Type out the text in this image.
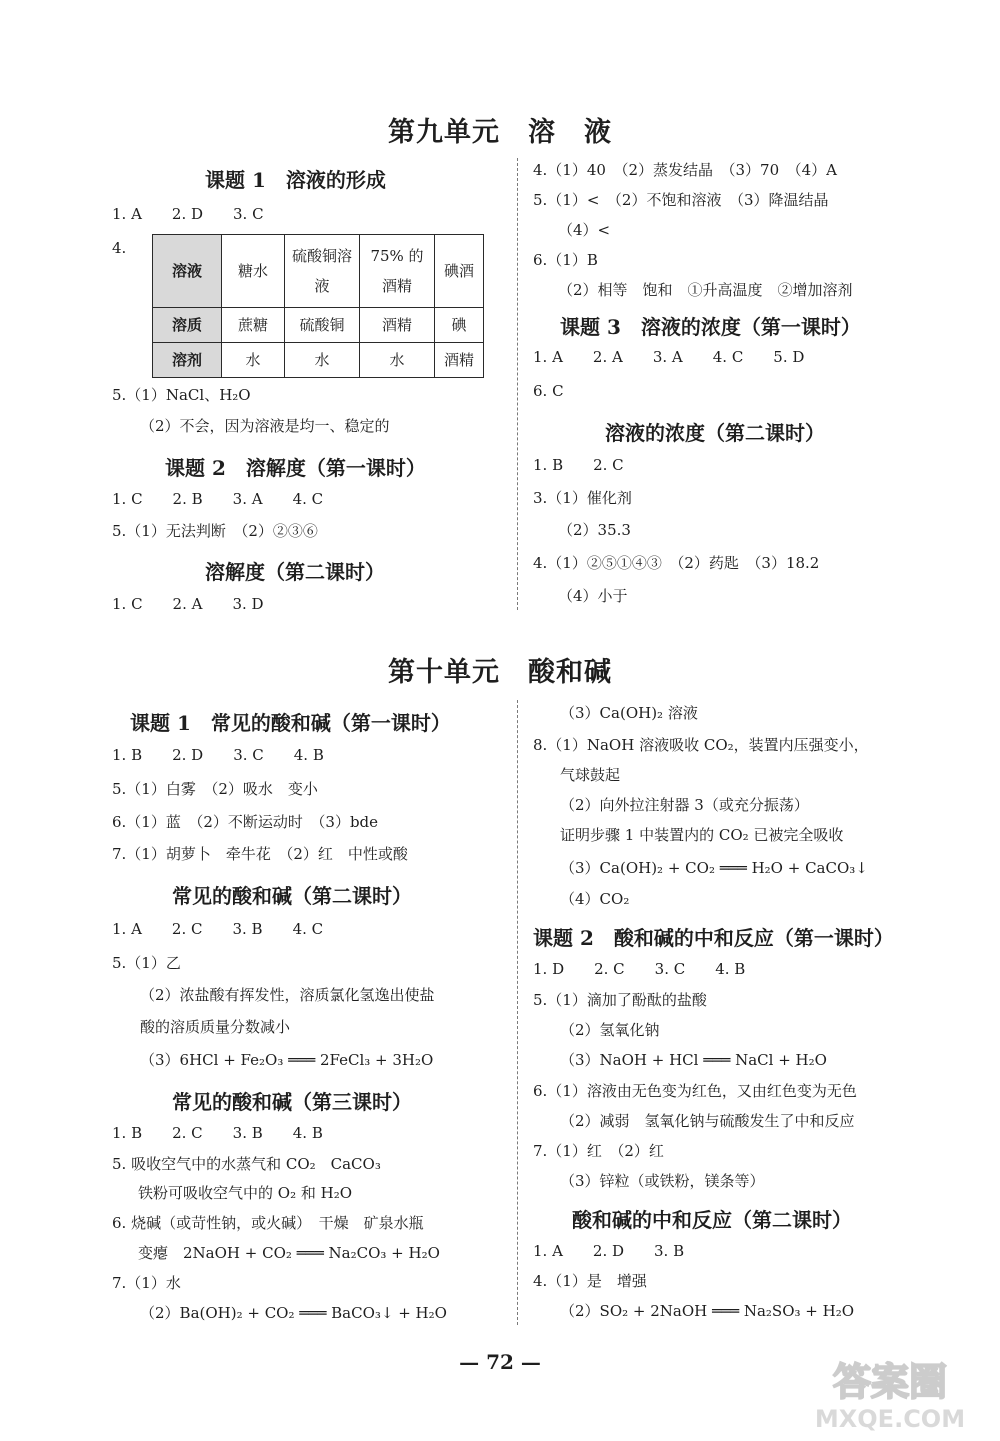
第九单元　溶　液
课题 1　溶液的形成
1. A　　2. D　　3. C
4.
溶液	糖水	硫酸铜溶液	75% 的酒精	碘酒
溶质	蔗糖	硫酸铜	酒精	碘
溶剂	水	水	水	酒精
5.（1）NaCl、H₂O
（2）不会，因为溶液是均一、稳定的
课题 2　溶解度（第一课时）
1. C　　2. B　　3. A　　4. C
5.（1）无法判断　（2）②③⑥
溶解度（第二课时）
1. C　　2. A　　3. D
4.（1）40　（2）蒸发结晶　（3）70　（4）A
5.（1）<　（2）不饱和溶液　（3）降温结晶
（4）<
6.（1）B
（2）相等　饱和　①升高温度　②增加溶剂
课题 3　溶液的浓度（第一课时）
1. A　　2. A　　3. A　　4. C　　5. D
6. C
溶液的浓度（第二课时）
1. B　　2. C
3.（1）催化剂
（2）35.3
4.（1）②⑤①④③　（2）药匙　（3）18.2
（4）小于
第十单元　酸和碱
课题 1　常见的酸和碱（第一课时）
1. B　　2. D　　3. C　　4. B
5.（1）白雾　（2）吸水　变小
6.（1）蓝　（2）不断运动时　（3）bde
7.（1）胡萝卜　牵牛花　（2）红　中性或酸
常见的酸和碱（第二课时）
1. A　　2. C　　3. B　　4. C
5.（1）乙
（2）浓盐酸有挥发性，溶质氯化氢逸出使盐
酸的溶质质量分数减小
（3）6HCl + Fe₂O₃ ═══ 2FeCl₃ + 3H₂O
常见的酸和碱（第三课时）
1. B　　2. C　　3. B　　4. B
5. 吸收空气中的水蒸气和 CO₂　CaCO₃
铁粉可吸收空气中的 O₂ 和 H₂O
6. 烧碱（或苛性钠，或火碱）　干燥　矿泉水瓶
变瘪　2NaOH + CO₂ ═══ Na₂CO₃ + H₂O
7.（1）水
（2）Ba(OH)₂ + CO₂ ═══ BaCO₃↓ + H₂O
（3）Ca(OH)₂ 溶液
8.（1）NaOH 溶液吸收 CO₂，装置内压强变小，
气球鼓起
（2）向外拉注射器 3（或充分振荡）
证明步骤 1 中装置内的 CO₂ 已被完全吸收
（3）Ca(OH)₂ + CO₂ ═══ H₂O + CaCO₃↓
（4）CO₂
课题 2　酸和碱的中和反应（第一课时）
1. D　　2. C　　3. C　　4. B
5.（1）滴加了酚酞的盐酸
（2）氢氧化钠
（3）NaOH + HCl ═══ NaCl + H₂O
6.（1）溶液由无色变为红色，又由红色变为无色
（2）减弱　氢氧化钠与硫酸发生了中和反应
7.（1）红　（2）红
（3）锌粒（或铁粉，镁条等）
酸和碱的中和反应（第二课时）
1. A　　2. D　　3. B
4.（1）是　增强
（2）SO₂ + 2NaOH ═══ Na₂SO₃ + H₂O
— 72 —	答案圈
MXQE.COM
